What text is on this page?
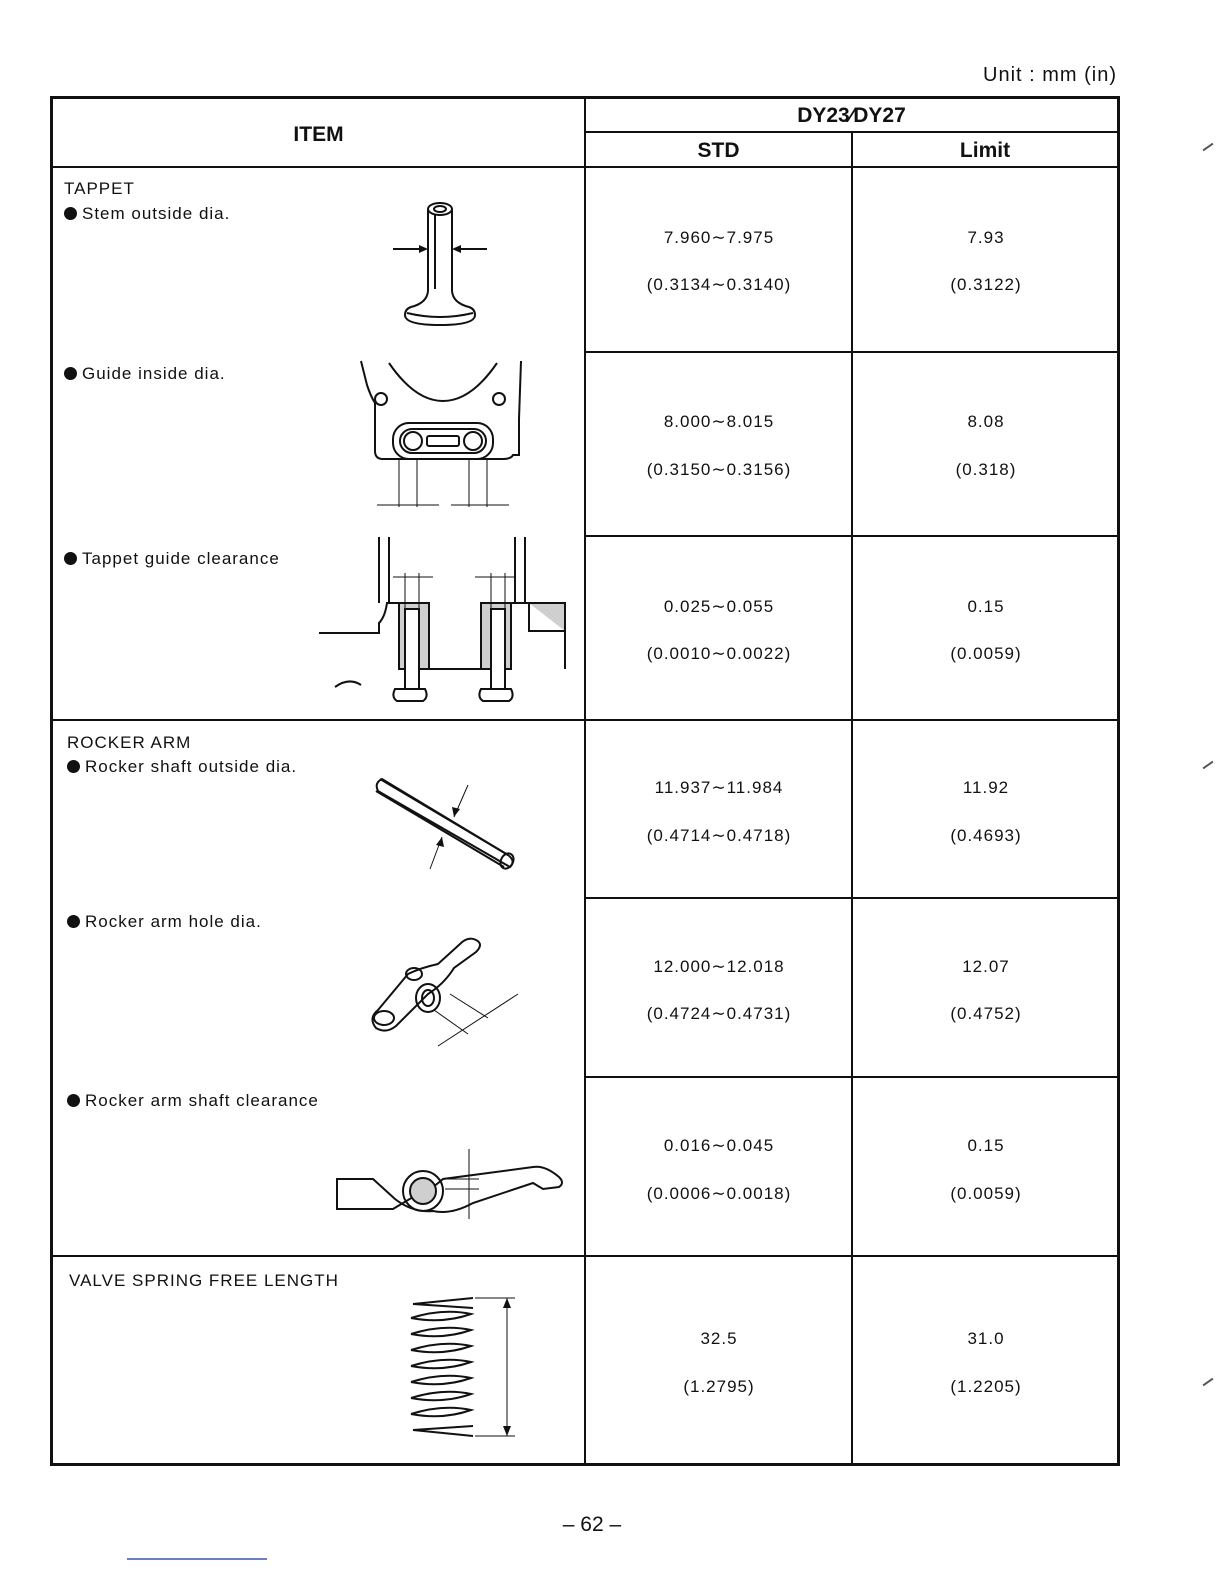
Unit : mm (in)
ITEM
DY23∕DY27
STD	Limit
TAPPET
Stem outside dia.
Guide inside dia.
Tappet guide clearance
ROCKER ARM
Rocker shaft outside dia.
Rocker arm hole dia.
Rocker arm shaft clearance
VALVE SPRING FREE LENGTH
7.960∼7.975
(0.3134∼0.3140)
8.000∼8.015
(0.3150∼0.3156)
0.025∼0.055
(0.0010∼0.0022)
11.937∼11.984
(0.4714∼0.4718)
12.000∼12.018
(0.4724∼0.4731)
0.016∼0.045
(0.0006∼0.0018)
32.5
(1.2795)
7.93
(0.3122)
8.08
(0.318)
0.15
(0.0059)
11.92
(0.4693)
12.07
(0.4752)
0.15
(0.0059)
31.0
(1.2205)
– 62 –
